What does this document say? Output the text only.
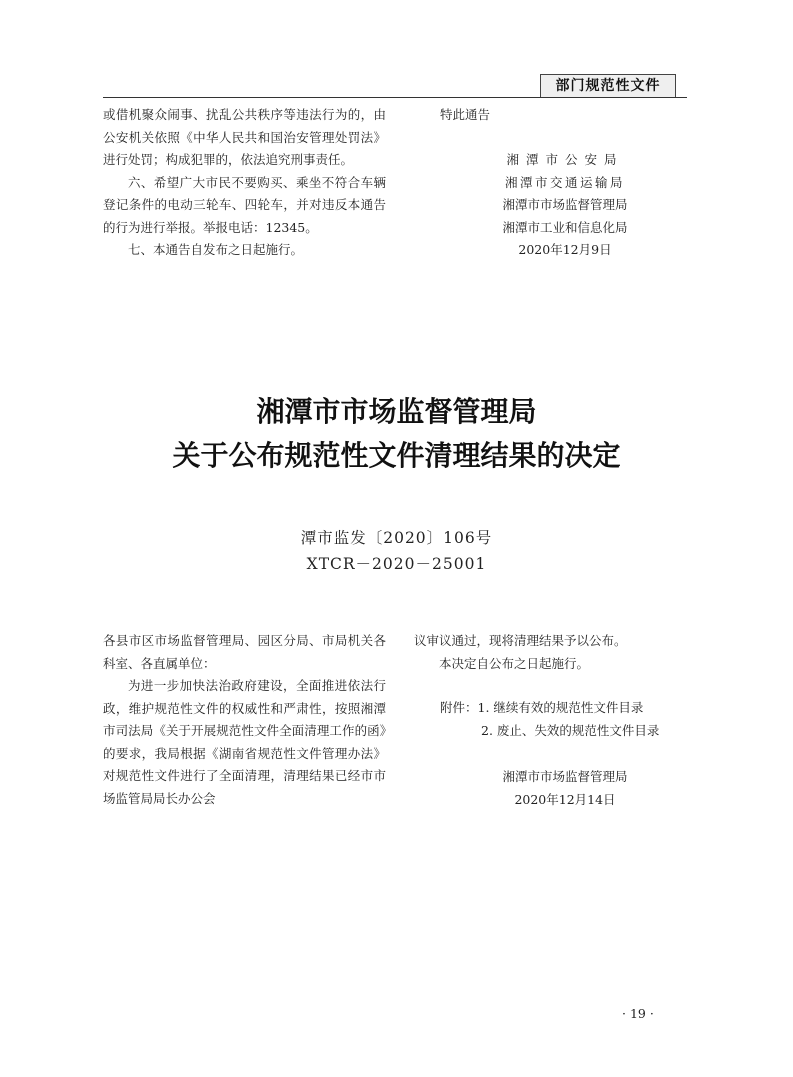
部门规范性文件

或借机聚众闹事、扰乱公共秩序等违法行为的，由公安机关依照《中华人民共和国治安管理处罚法》进行处罚；构成犯罪的，依法追究刑事责任。

六、希望广大市民不要购买、乘坐不符合车辆登记条件的电动三轮车、四轮车，并对违反本通告的行为进行举报。举报电话：12345。

七、本通告自发布之日起施行。

特此通告

湘潭市公安局

湘潭市交通运输局

湘潭市市场监督管理局

湘潭市工业和信息化局

2020年12月9日

湘潭市市场监督管理局
关于公布规范性文件清理结果的决定
潭市监发〔2020〕106号
XTCR－2020－25001

各县市区市场监督管理局、园区分局、市局机关各科室、各直属单位：

为进一步加快法治政府建设，全面推进依法行政，维护规范性文件的权威性和严肃性，按照湘潭市司法局《关于开展规范性文件全面清理工作的函》的要求，我局根据《湖南省规范性文件管理办法》对规范性文件进行了全面清理，清理结果已经市市场监管局局长办公会

议审议通过，现将清理结果予以公布。

本决定自公布之日起施行。

附件：1. 继续有效的规范性文件目录

2. 废止、失效的规范性文件目录

湘潭市市场监督管理局

2020年12月14日

· 19 ·
